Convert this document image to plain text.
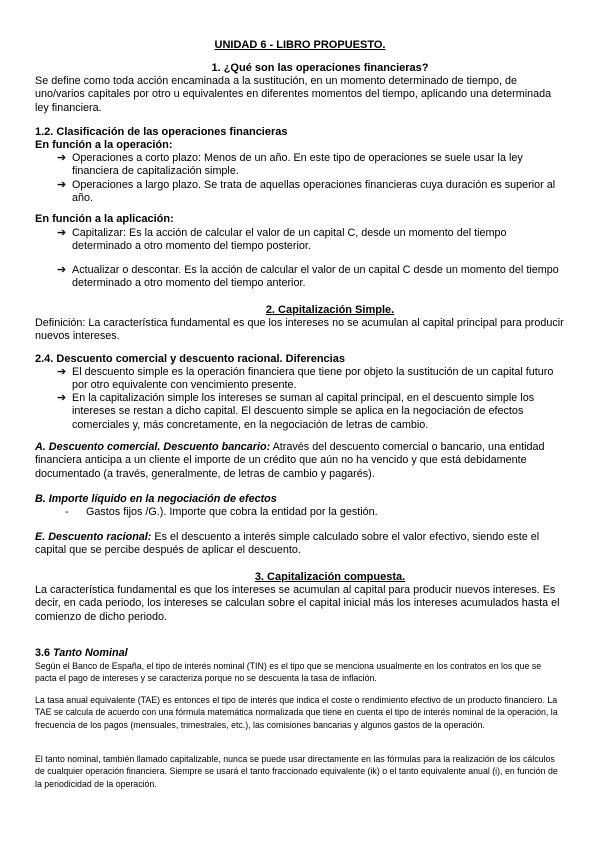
UNIDAD 6 - LIBRO PROPUESTO.
1. ¿Qué son las operaciones financieras?

Se define como toda acción encaminada a la sustitución, en un momento determinado de tiempo, de uno/varios capitales por otro u equivalentes en diferentes momentos del tiempo, aplicando una determinada ley financiera.

1.2. Clasificación de las operaciones financieras
En función a la operación:
➔ Operaciones a corto plazo: Menos de un año. En este tipo de operaciones se suele usar la ley financiera de capitalización simple.
➔ Operaciones a largo plazo. Se trata de aquellas operaciones financieras cuya duración es superior al año.
En función a la aplicación:
➔ Capitalizar: Es la acción de calcular el valor de un capital C, desde un momento del tiempo determinado a otro momento del tiempo posterior.
➔ Actualizar o descontar. Es la acción de calcular el valor de un capital C desde un momento del tiempo determinado a otro momento del tiempo anterior.
2. Capitalización Simple.

Definición: La característica fundamental es que los intereses no se acumulan al capital principal para producir nuevos intereses.

2.4. Descuento comercial y descuento racional. Diferencias
➔ El descuento simple es la operación financiera que tiene por objeto la sustitución de un capital futuro por otro equivalente con vencimiento presente.
➔ En la capitalización simple los intereses se suman al capital principal, en el descuento simple los intereses se restan a dicho capital. El descuento simple se aplica en la negociación de efectos comerciales y, más concretamente, en la negociación de letras de cambio.

A. Descuento comercial. Descuento bancario: Através del descuento comercial o bancario, una entidad financiera anticipa a un cliente el importe de un crédito que aún no ha vencido y que está debidamente documentado (a través, generalmente, de letras de cambio y pagarés).

B. Importe líquido en la negociación de efectos
-	Gastos fijos /G.). Importe que cobra la entidad por la gestión.

E. Descuento racional: Es el descuento a interés simple calculado sobre el valor efectivo, siendo este el capital que se percibe después de aplicar el descuento.

3. Capitalización compuesta.

La característica fundamental es que los intereses se acumulan al capital para producir nuevos intereses. Es decir, en cada periodo, los intereses se calculan sobre el capital inicial más los intereses acumulados hasta el comienzo de dicho periodo.

3.6 Tanto Nominal

Según el Banco de España, el tipo de interés nominal (TIN) es el tipo que se menciona usualmente en los contratos en los que se pacta el pago de intereses y se caracteriza porque no se descuenta la tasa de inflación.

La tasa anual equivalente (TAE) es entonces el tipo de interés que indica el coste o rendimiento efectivo de un producto financiero. La TAE se calcula de acuerdo con una fórmula matemática normalizada que tiene en cuenta el tipo de interés nominal de la operación, la frecuencia de los pagos (mensuales, trimestrales, etc.), las comisiones bancarias y algunos gastos de la operación.

El tanto nominal, también llamado capitalizable, nunca se puede usar directamente en las fórmulas para la realización de los cálculos de cualquier operación financiera. Siempre se usará el tanto fraccionado equivalente (ik) o el tanto equivalente anual (i), en función de la periodicidad de la operación.
